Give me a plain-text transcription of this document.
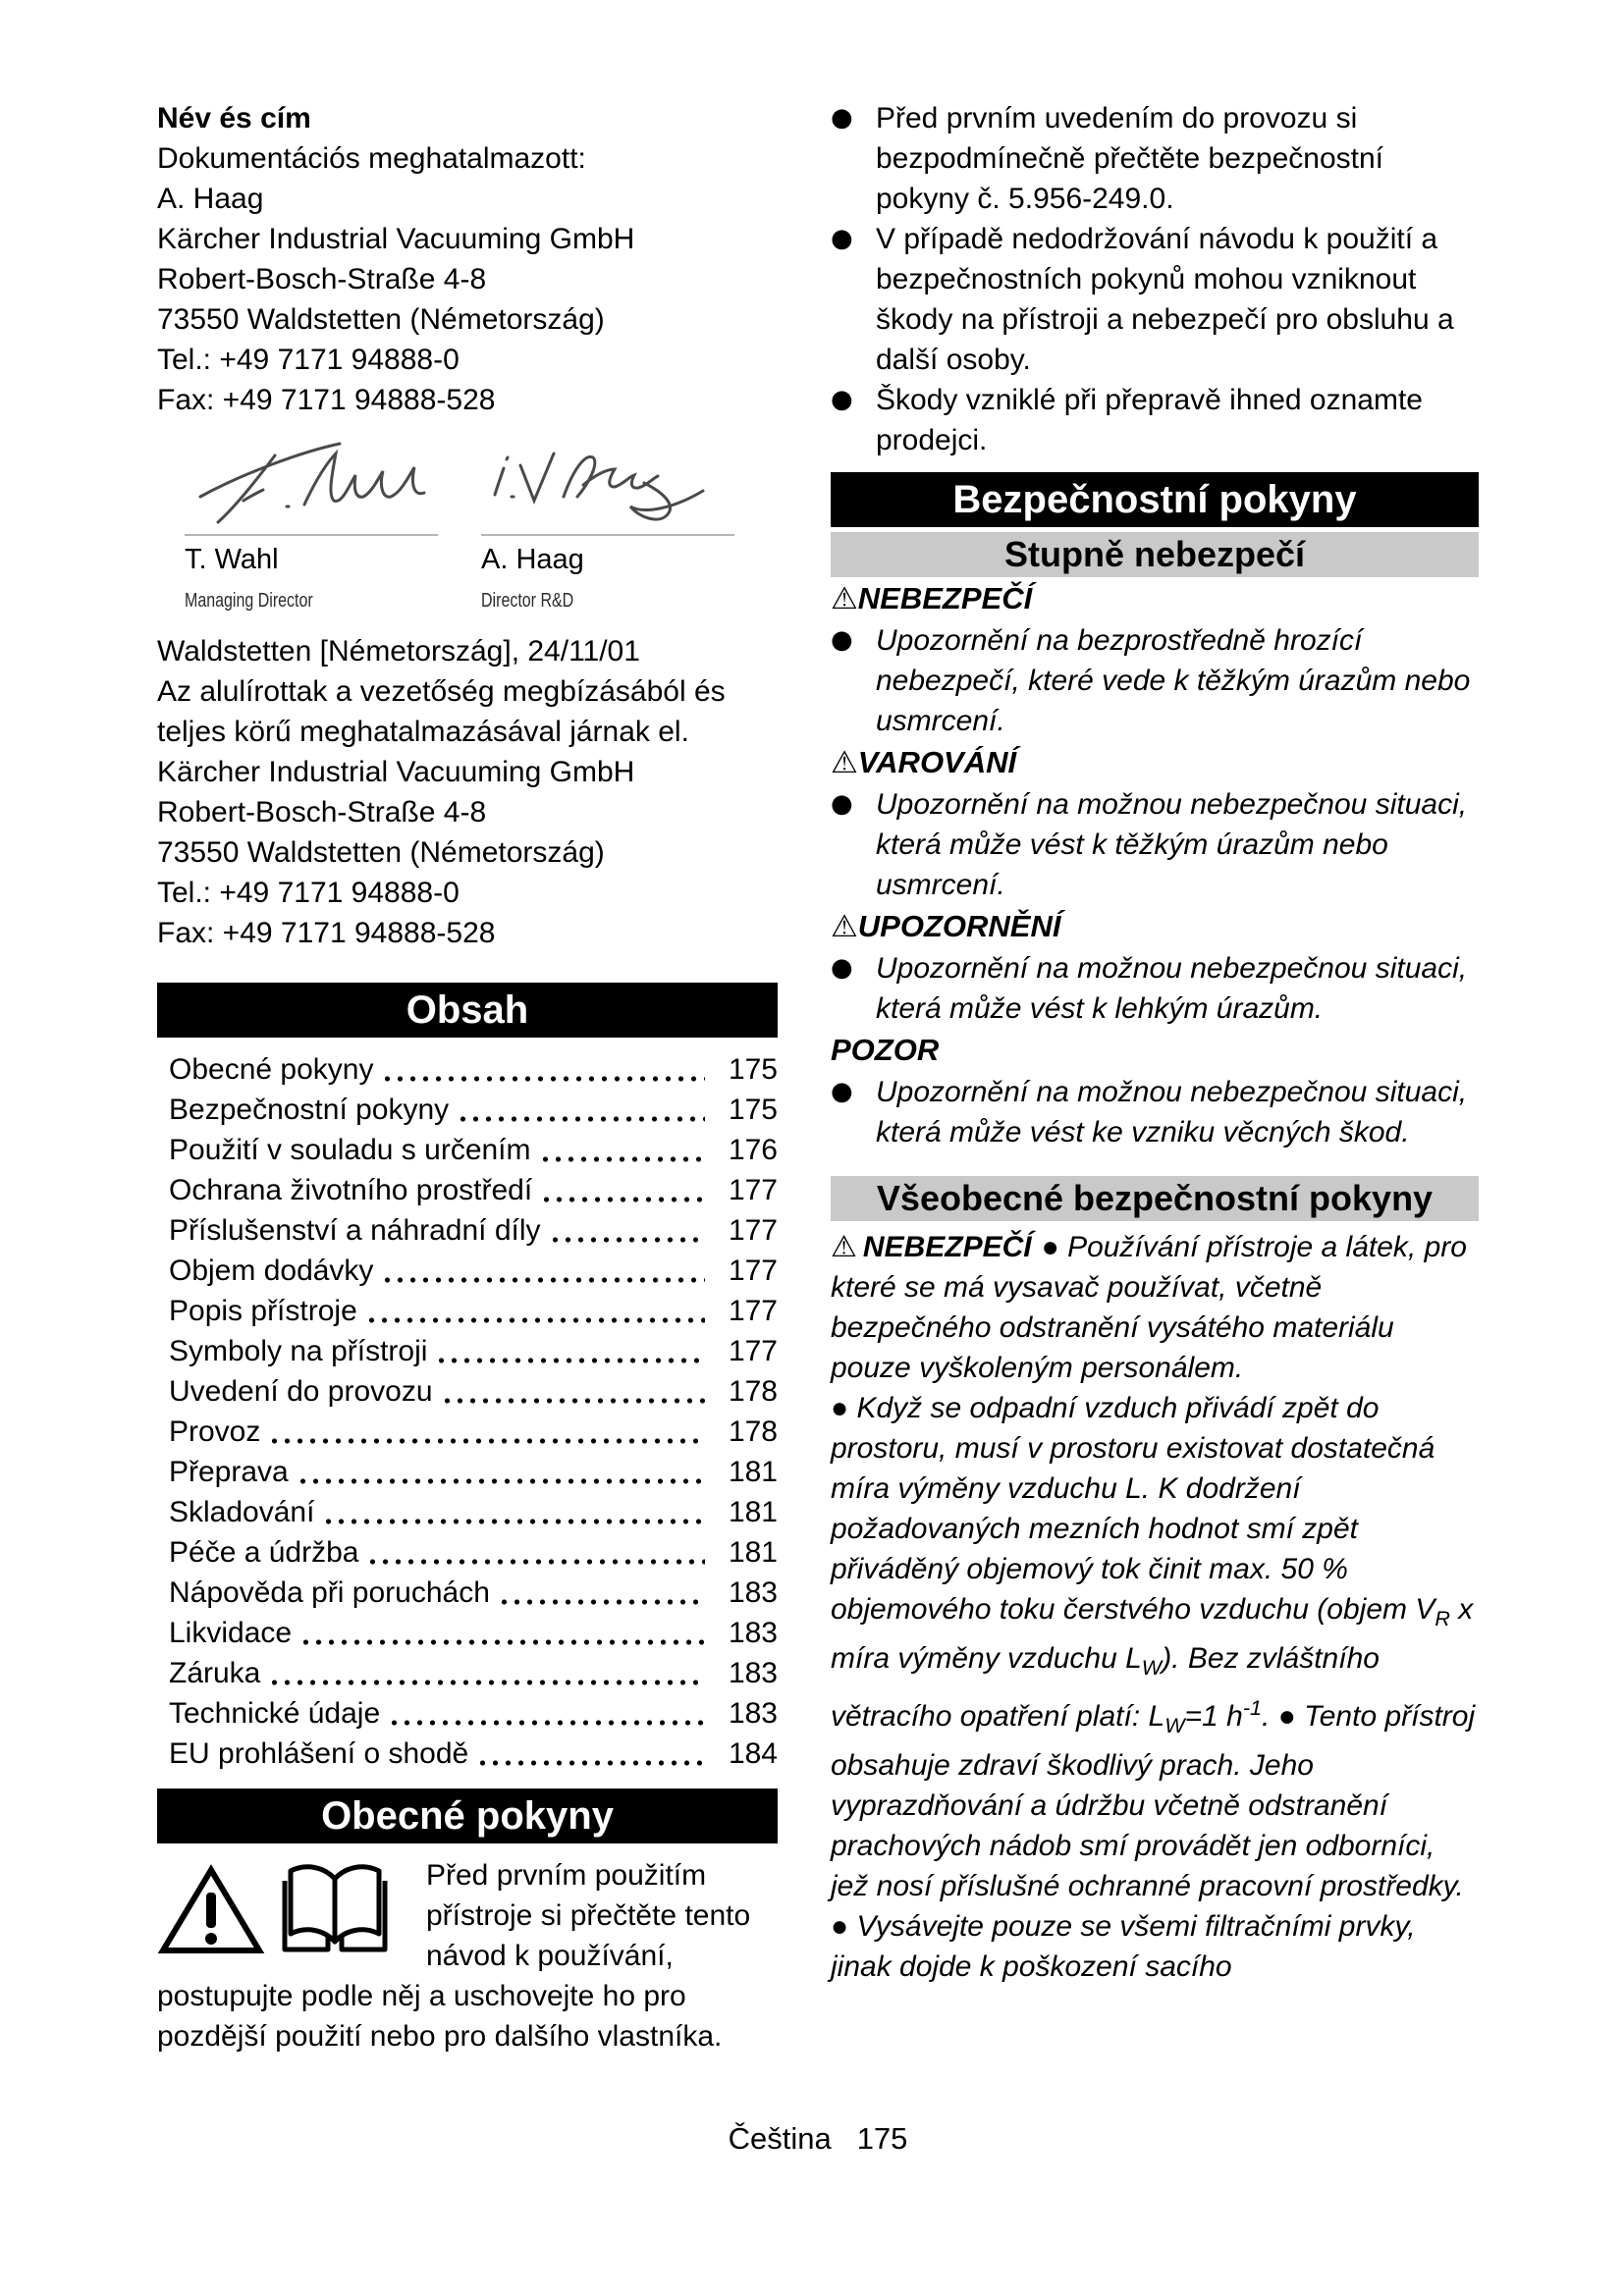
Név és cím
Dokumentációs meghatalmazott:
A. Haag
Kärcher Industrial Vacuuming GmbH
Robert-Bosch-Straße 4-8
73550 Waldstetten (Németország)
Tel.: +49 7171 94888-0
Fax: +49 7171 94888-528
T. Wahl
Managing Director
A. Haag
Director R&D
Waldstetten [Németország], 24/11/01
Az alulírottak a vezetőség megbízásából és teljes körű meghatalmazásával járnak el.
Kärcher Industrial Vacuuming GmbH
Robert-Bosch-Straße 4-8
73550 Waldstetten (Németország)
Tel.: +49 7171 94888-0
Fax: +49 7171 94888-528
Obsah
Obecné pokyny	175
Bezpečnostní pokyny	175
Použití v souladu s určením	176
Ochrana životního prostředí	177
Příslušenství a náhradní díly	177
Objem dodávky	177
Popis přístroje	177
Symboly na přístroji	177
Uvedení do provozu	178
Provoz	178
Přeprava	181
Skladování	181
Péče a údržba	181
Nápověda při poruchách	183
Likvidace	183
Záruka	183
Technické údaje	183
EU prohlášení o shodě	184
Obecné pokyny
Před prvním použitím přístroje si přečtěte tento návod k používání, postupujte podle něj a uschovejte ho pro pozdější použití nebo pro dalšího vlastníka.
● Před prvním uvedením do provozu si bezpodmínečně přečtěte bezpečnostní pokyny č. 5.956-249.0.
● V případě nedodržování návodu k použití a bezpečnostních pokynů mohou vzniknout škody na přístroji a nebezpečí pro obsluhu a další osoby.
● Škody vzniklé při přepravě ihned oznamte prodejci.
Bezpečnostní pokyny
Stupně nebezpečí
⚠NEBEZPEČÍ
● Upozornění na bezprostředně hrozící nebezpečí, které vede k těžkým úrazům nebo usmrcení.
⚠VAROVÁNÍ
● Upozornění na možnou nebezpečnou situaci, která může vést k těžkým úrazům nebo usmrcení.
⚠UPOZORNĚNÍ
● Upozornění na možnou nebezpečnou situaci, která může vést k lehkým úrazům.
POZOR
● Upozornění na možnou nebezpečnou situaci, která může vést ke vzniku věcných škod.
Všeobecné bezpečnostní pokyny

⚠ NEBEZPEČÍ ● Používání přístroje a látek, pro které se má vysavač používat, včetně bezpečného odstranění vysátého materiálu pouze vyškoleným personálem.

● Když se odpadní vzduch přivádí zpět do prostoru, musí v prostoru existovat dostatečná míra výměny vzduchu L. K dodržení požadovaných mezních hodnot smí zpět přiváděný objemový tok činit max. 50 % objemového toku čerstvého vzduchu (objem $V_R$ x míra výměny vzduchu $L_W$). Bez zvláštního větracího opatření platí: $L_W=1$ $h^{-1}$. ● Tento přístroj obsahuje zdraví škodlivý prach. Jeho vyprazdňování a údržbu včetně odstranění prachových nádob smí provádět jen odborníci, jež nosí příslušné ochranné pracovní prostředky.

● Vysávejte pouze se všemi filtračními prvky, jinak dojde k poškození sacího

Čeština 175
